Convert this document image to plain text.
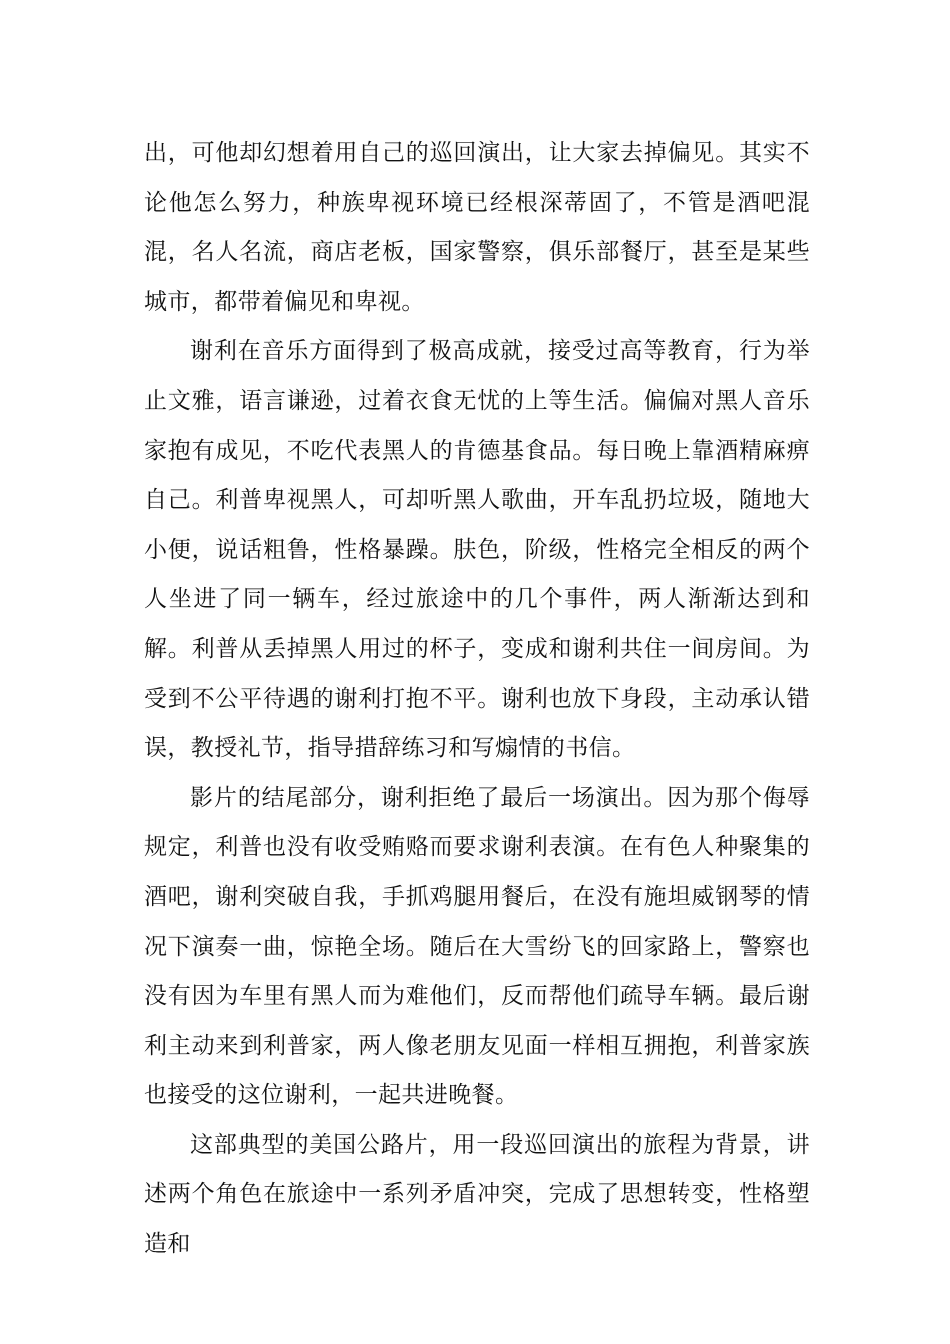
出，可他却幻想着用自己的巡回演出，让大家去掉偏见。其实不论他怎么努力，种族卑视环境已经根深蒂固了，不管是酒吧混混，名人名流，商店老板，国家警察，俱乐部餐厅，甚至是某些城市，都带着偏见和卑视。

谢利在音乐方面得到了极高成就，接受过高等教育，行为举止文雅，语言谦逊，过着衣食无忧的上等生活。偏偏对黑人音乐家抱有成见，不吃代表黑人的肯德基食品。每日晚上靠酒精麻痹自己。利普卑视黑人，可却听黑人歌曲，开车乱扔垃圾，随地大小便，说话粗鲁，性格暴躁。肤色，阶级，性格完全相反的两个人坐进了同一辆车，经过旅途中的几个事件，两人渐渐达到和解。利普从丢掉黑人用过的杯子，变成和谢利共住一间房间。为受到不公平待遇的谢利打抱不平。谢利也放下身段，主动承认错误，教授礼节，指导措辞练习和写煽情的书信。

影片的结尾部分，谢利拒绝了最后一场演出。因为那个侮辱规定，利普也没有收受贿赂而要求谢利表演。在有色人种聚集的酒吧，谢利突破自我，手抓鸡腿用餐后，在没有施坦威钢琴的情况下演奏一曲，惊艳全场。随后在大雪纷飞的回家路上，警察也没有因为车里有黑人而为难他们，反而帮他们疏导车辆。最后谢利主动来到利普家，两人像老朋友见面一样相互拥抱，利普家族也接受的这位谢利，一起共进晚餐。

这部典型的美国公路片，用一段巡回演出的旅程为背景，讲述两个角色在旅途中一系列矛盾冲突，完成了思想转变，性格塑造和
